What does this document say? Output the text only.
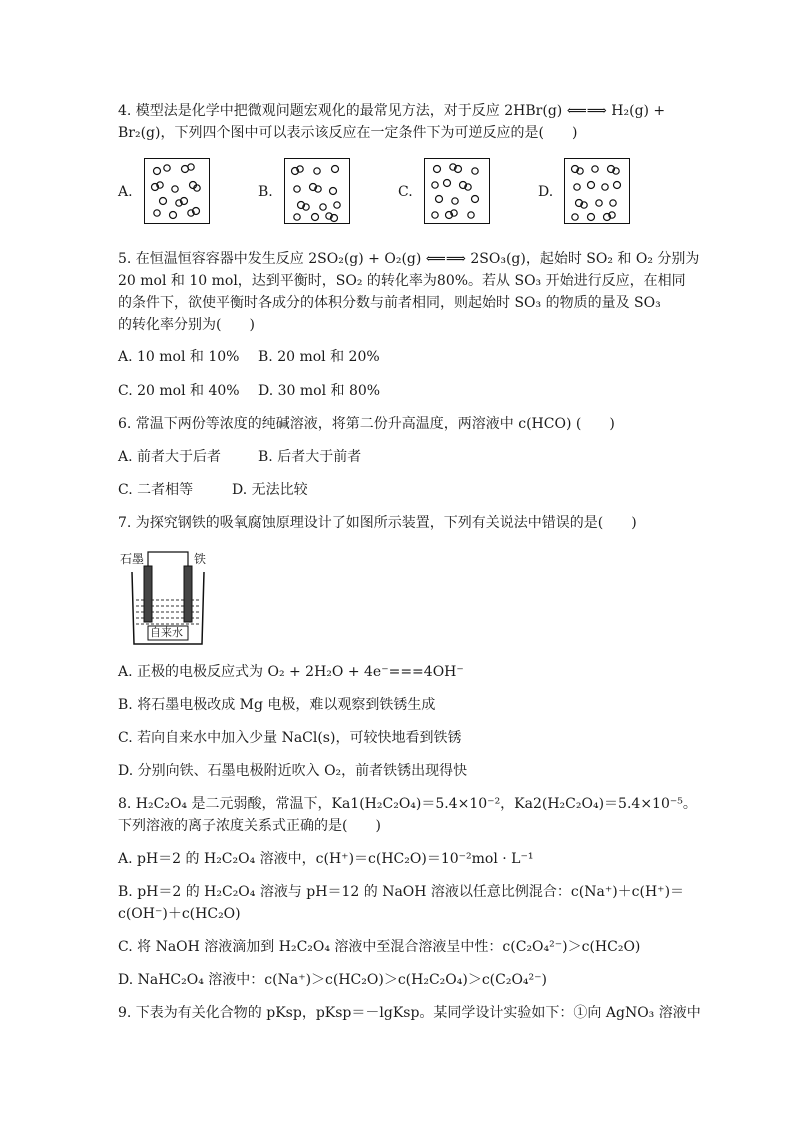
4. 模型法是化学中把微观问题宏观化的最常见方法，对于反应 2HBr(g) ⟸⟹ H₂(g) +
Br₂(g)，下列四个图中可以表示该反应在一定条件下为可逆反应的是(　　)
A.	B.	C.	D.
5. 在恒温恒容容器中发生反应 2SO₂(g) + O₂(g) ⟸⟹ 2SO₃(g)，起始时 SO₂ 和 O₂ 分别为
20 mol 和 10 mol，达到平衡时，SO₂ 的转化率为80%。若从 SO₃ 开始进行反应，在相同
的条件下，欲使平衡时各成分的体积分数与前者相同，则起始时 SO₃ 的物质的量及 SO₃
的转化率分别为(　　)
A. 10 mol 和 10% B. 20 mol 和 20%
C. 20 mol 和 40% D. 30 mol 和 80%
6. 常温下两份等浓度的纯碱溶液，将第二份升高温度，两溶液中 c(HCO) (　　)
A. 前者大于后者	B. 后者大于前者
C. 二者相等	D. 无法比较
7. 为探究钢铁的吸氧腐蚀原理设计了如图所示装置，下列有关说法中错误的是(　　)
石墨	铁
自来水
A. 正极的电极反应式为 O₂ + 2H₂O + 4e⁻===4OH⁻
B. 将石墨电极改成 Mg 电极，难以观察到铁锈生成
C. 若向自来水中加入少量 NaCl(s)，可较快地看到铁锈
D. 分别向铁、石墨电极附近吹入 O₂，前者铁锈出现得快
8. H₂C₂O₄ 是二元弱酸，常温下，Ka1(H₂C₂O₄)＝5.4×10⁻²，Ka2(H₂C₂O₄)＝5.4×10⁻⁵。
下列溶液的离子浓度关系式正确的是(　　)
A. pH＝2 的 H₂C₂O₄ 溶液中，c(H⁺)＝c(HC₂O)＝10⁻²mol · L⁻¹
B. pH＝2 的 H₂C₂O₄ 溶液与 pH＝12 的 NaOH 溶液以任意比例混合：c(Na⁺)＋c(H⁺)＝
c(OH⁻)＋c(HC₂O)
C. 将 NaOH 溶液滴加到 H₂C₂O₄ 溶液中至混合溶液呈中性：c(C₂O₄²⁻)＞c(HC₂O)
D. NaHC₂O₄ 溶液中：c(Na⁺)＞c(HC₂O)＞c(H₂C₂O₄)＞c(C₂O₄²⁻)
9. 下表为有关化合物的 pKsp，pKsp＝－lgKsp。某同学设计实验如下：①向 AgNO₃ 溶液中
